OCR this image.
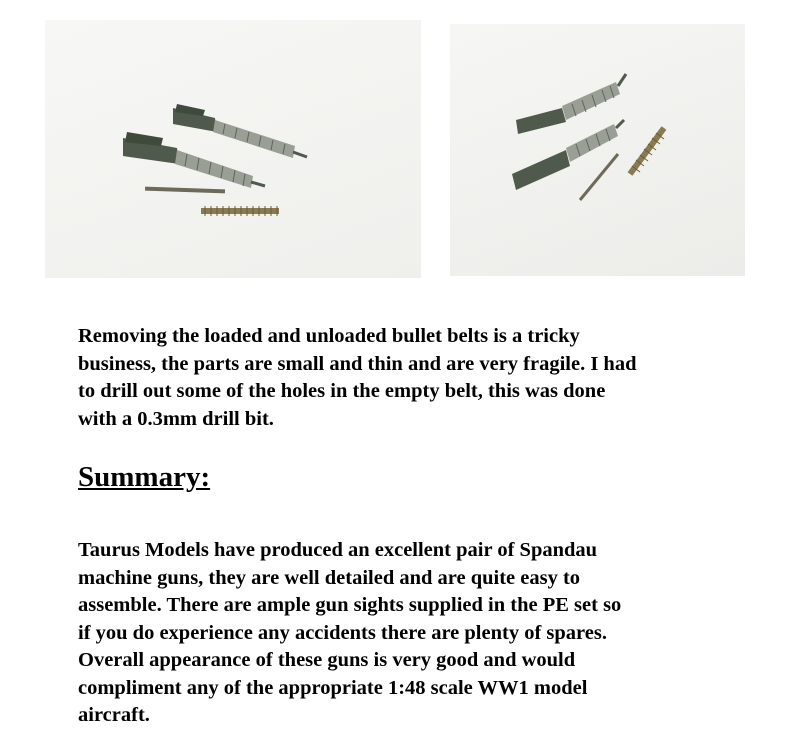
Removing the loaded and unloaded bullet belts is a tricky
business, the parts are small and thin and are very fragile. I had
to drill out some of the holes in the empty belt, this was done
with a 0.3mm drill bit.
Summary:
Taurus Models have produced an excellent pair of Spandau
machine guns, they are well detailed and are quite easy to
assemble. There are ample gun sights supplied in the PE set so
if you do experience any accidents there are plenty of spares.
Overall appearance of these guns is very good and would
compliment any of the appropriate 1:48 scale WW1 model
aircraft.
